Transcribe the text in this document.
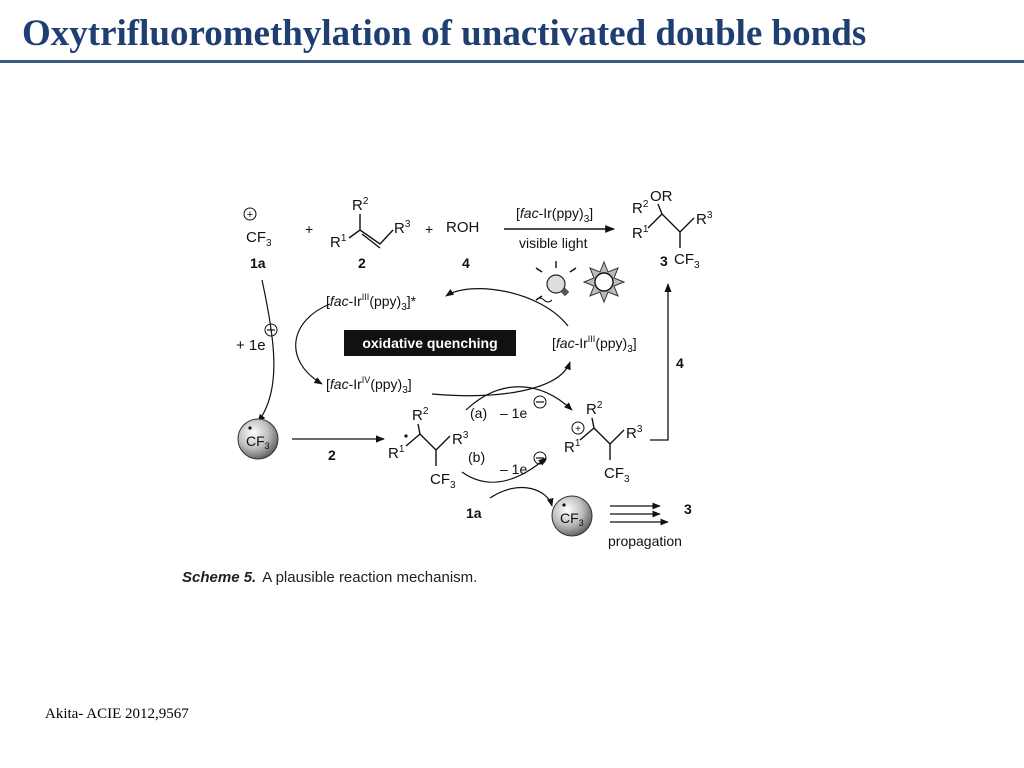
Oxytrifluoromethylation of unactivated double bonds
+
$CF_3$
1a
+
$R^2$
$R^1$
$R^3$
2
+ ROH
4
$[fac-Ir(ppy)_3]$
visible light
OR
$R^2$
$R^1$
$R^3$
3 $CF_3$
$[fac-Ir^{III}(ppy)_3]*$
oxidative quenching	$[fac-Ir^{III}(ppy)_3]$
$[fac-Ir^{IV}(ppy)_3]$
+ 1e
$CF_3$
2
$R^2$
$R^1$
$R^3$
$CF_3$
(a) – 1e
(b)
– 1e
1a
$R^2$
+
$R^1$
$R^3$
$CF_3$
4
$CF_3$
3
propagation
Scheme 5. A plausible reaction mechanism.
Akita- ACIE 2012,9567
